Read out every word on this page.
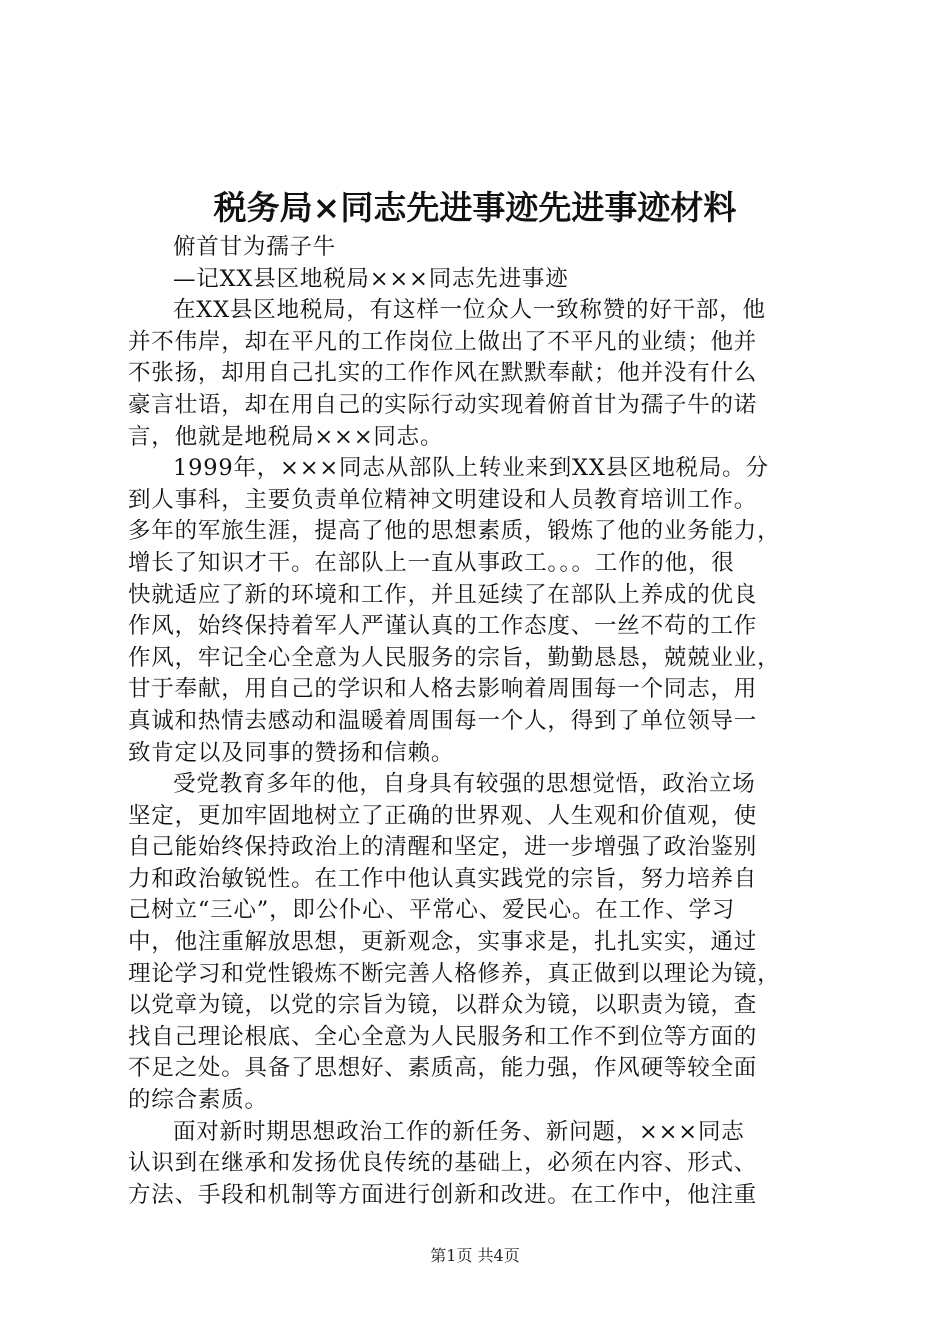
税务局×同志先进事迹先进事迹材料
俯首甘为孺子牛
—记XX县区地税局×××同志先进事迹
在XX县区地税局，有这样一位众人一致称赞的好干部，他
并不伟岸，却在平凡的工作岗位上做出了不平凡的业绩；他并
不张扬，却用自己扎实的工作作风在默默奉献；他并没有什么
豪言壮语，却在用自己的实际行动实现着俯首甘为孺子牛的诺
言，他就是地税局×××同志。
1999年，×××同志从部队上转业来到XX县区地税局。分
到人事科，主要负责单位精神文明建设和人员教育培训工作。
多年的军旅生涯，提高了他的思想素质，锻炼了他的业务能力，
增长了知识才干。在部队上一直从事政工。。。工作的他，很
快就适应了新的环境和工作，并且延续了在部队上养成的优良
作风，始终保持着军人严谨认真的工作态度、一丝不苟的工作
作风，牢记全心全意为人民服务的宗旨，勤勤恳恳，兢兢业业，
甘于奉献，用自己的学识和人格去影响着周围每一个同志，用
真诚和热情去感动和温暖着周围每一个人，得到了单位领导一
致肯定以及同事的赞扬和信赖。
受党教育多年的他，自身具有较强的思想觉悟，政治立场
坚定，更加牢固地树立了正确的世界观、人生观和价值观，使
自己能始终保持政治上的清醒和坚定，进一步增强了政治鉴别
力和政治敏锐性。在工作中他认真实践党的宗旨，努力培养自
己树立“三心”，即公仆心、平常心、爱民心。在工作、学习
中，他注重解放思想，更新观念，实事求是，扎扎实实，通过
理论学习和党性锻炼不断完善人格修养，真正做到以理论为镜，
以党章为镜，以党的宗旨为镜，以群众为镜，以职责为镜，查
找自己理论根底、全心全意为人民服务和工作不到位等方面的
不足之处。具备了思想好、素质高，能力强，作风硬等较全面
的综合素质。
面对新时期思想政治工作的新任务、新问题，×××同志
认识到在继承和发扬优良传统的基础上，必须在内容、形式、
方法、手段和机制等方面进行创新和改进。在工作中，他注重
第1页 共4页
